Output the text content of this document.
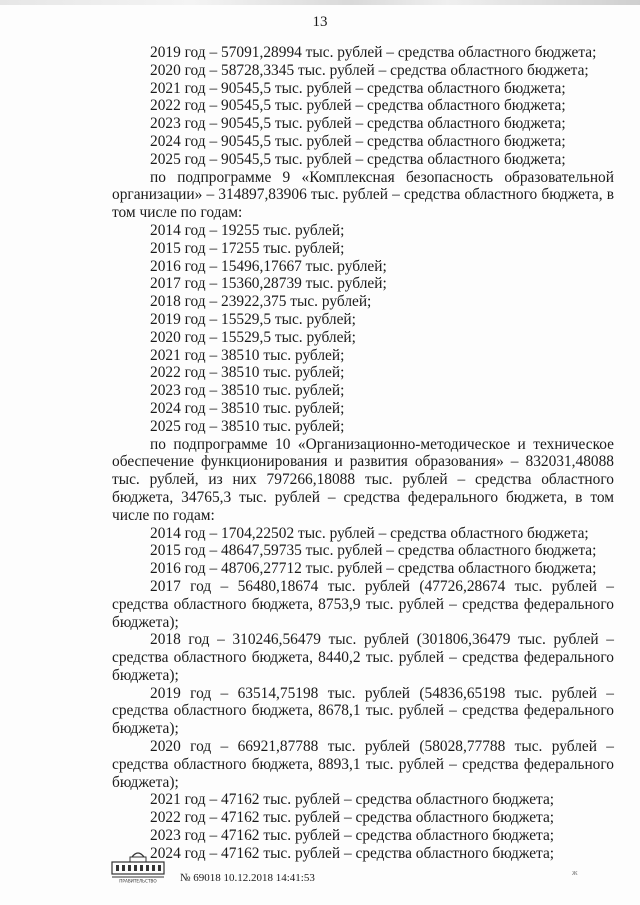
13
2019 год – 57091,28994 тыс. рублей – средства областного бюджета;
2020 год – 58728,3345 тыс. рублей – средства областного бюджета;
2021 год – 90545,5 тыс. рублей – средства областного бюджета;
2022 год – 90545,5 тыс. рублей – средства областного бюджета;
2023 год – 90545,5 тыс. рублей – средства областного бюджета;
2024 год – 90545,5 тыс. рублей – средства областного бюджета;
2025 год – 90545,5 тыс. рублей – средства областного бюджета;
по подпрограмме 9 «Комплексная безопасность образовательной организации» – 314897,83906 тыс. рублей – средства областного бюджета, в том числе по годам:
2014 год – 19255 тыс. рублей;
2015 год – 17255 тыс. рублей;
2016 год – 15496,17667 тыс. рублей;
2017 год – 15360,28739 тыс. рублей;
2018 год – 23922,375 тыс. рублей;
2019 год – 15529,5 тыс. рублей;
2020 год – 15529,5 тыс. рублей;
2021 год – 38510 тыс. рублей;
2022 год – 38510 тыс. рублей;
2023 год – 38510 тыс. рублей;
2024 год – 38510 тыс. рублей;
2025 год – 38510 тыс. рублей;
по подпрограмме 10 «Организационно-методическое и техническое обеспечение функционирования и развития образования» – 832031,48088 тыс. рублей, из них 797266,18088 тыс. рублей – средства областного бюджета, 34765,3 тыс. рублей – средства федерального бюджета, в том числе по годам:
2014 год – 1704,22502 тыс. рублей – средства областного бюджета;
2015 год – 48647,59735 тыс. рублей – средства областного бюджета;
2016 год – 48706,27712 тыс. рублей – средства областного бюджета;
2017 год – 56480,18674 тыс. рублей (47726,28674 тыс. рублей – средства областного бюджета, 8753,9 тыс. рублей – средства федерального бюджета);
2018 год – 310246,56479 тыс. рублей (301806,36479 тыс. рублей – средства областного бюджета, 8440,2 тыс. рублей – средства федерального бюджета);
2019 год – 63514,75198 тыс. рублей (54836,65198 тыс. рублей – средства областного бюджета, 8678,1 тыс. рублей – средства федерального бюджета);
2020 год – 66921,87788 тыс. рублей (58028,77788 тыс. рублей – средства областного бюджета, 8893,1 тыс. рублей – средства федерального бюджета);
2021 год – 47162 тыс. рублей – средства областного бюджета;
2022 год – 47162 тыс. рублей – средства областного бюджета;
2023 год – 47162 тыс. рублей – средства областного бюджета;
2024 год – 47162 тыс. рублей – средства областного бюджета;
ПРАВИТЕЛЬСТВО № 69018 10.12.2018 14:41:53	ж
